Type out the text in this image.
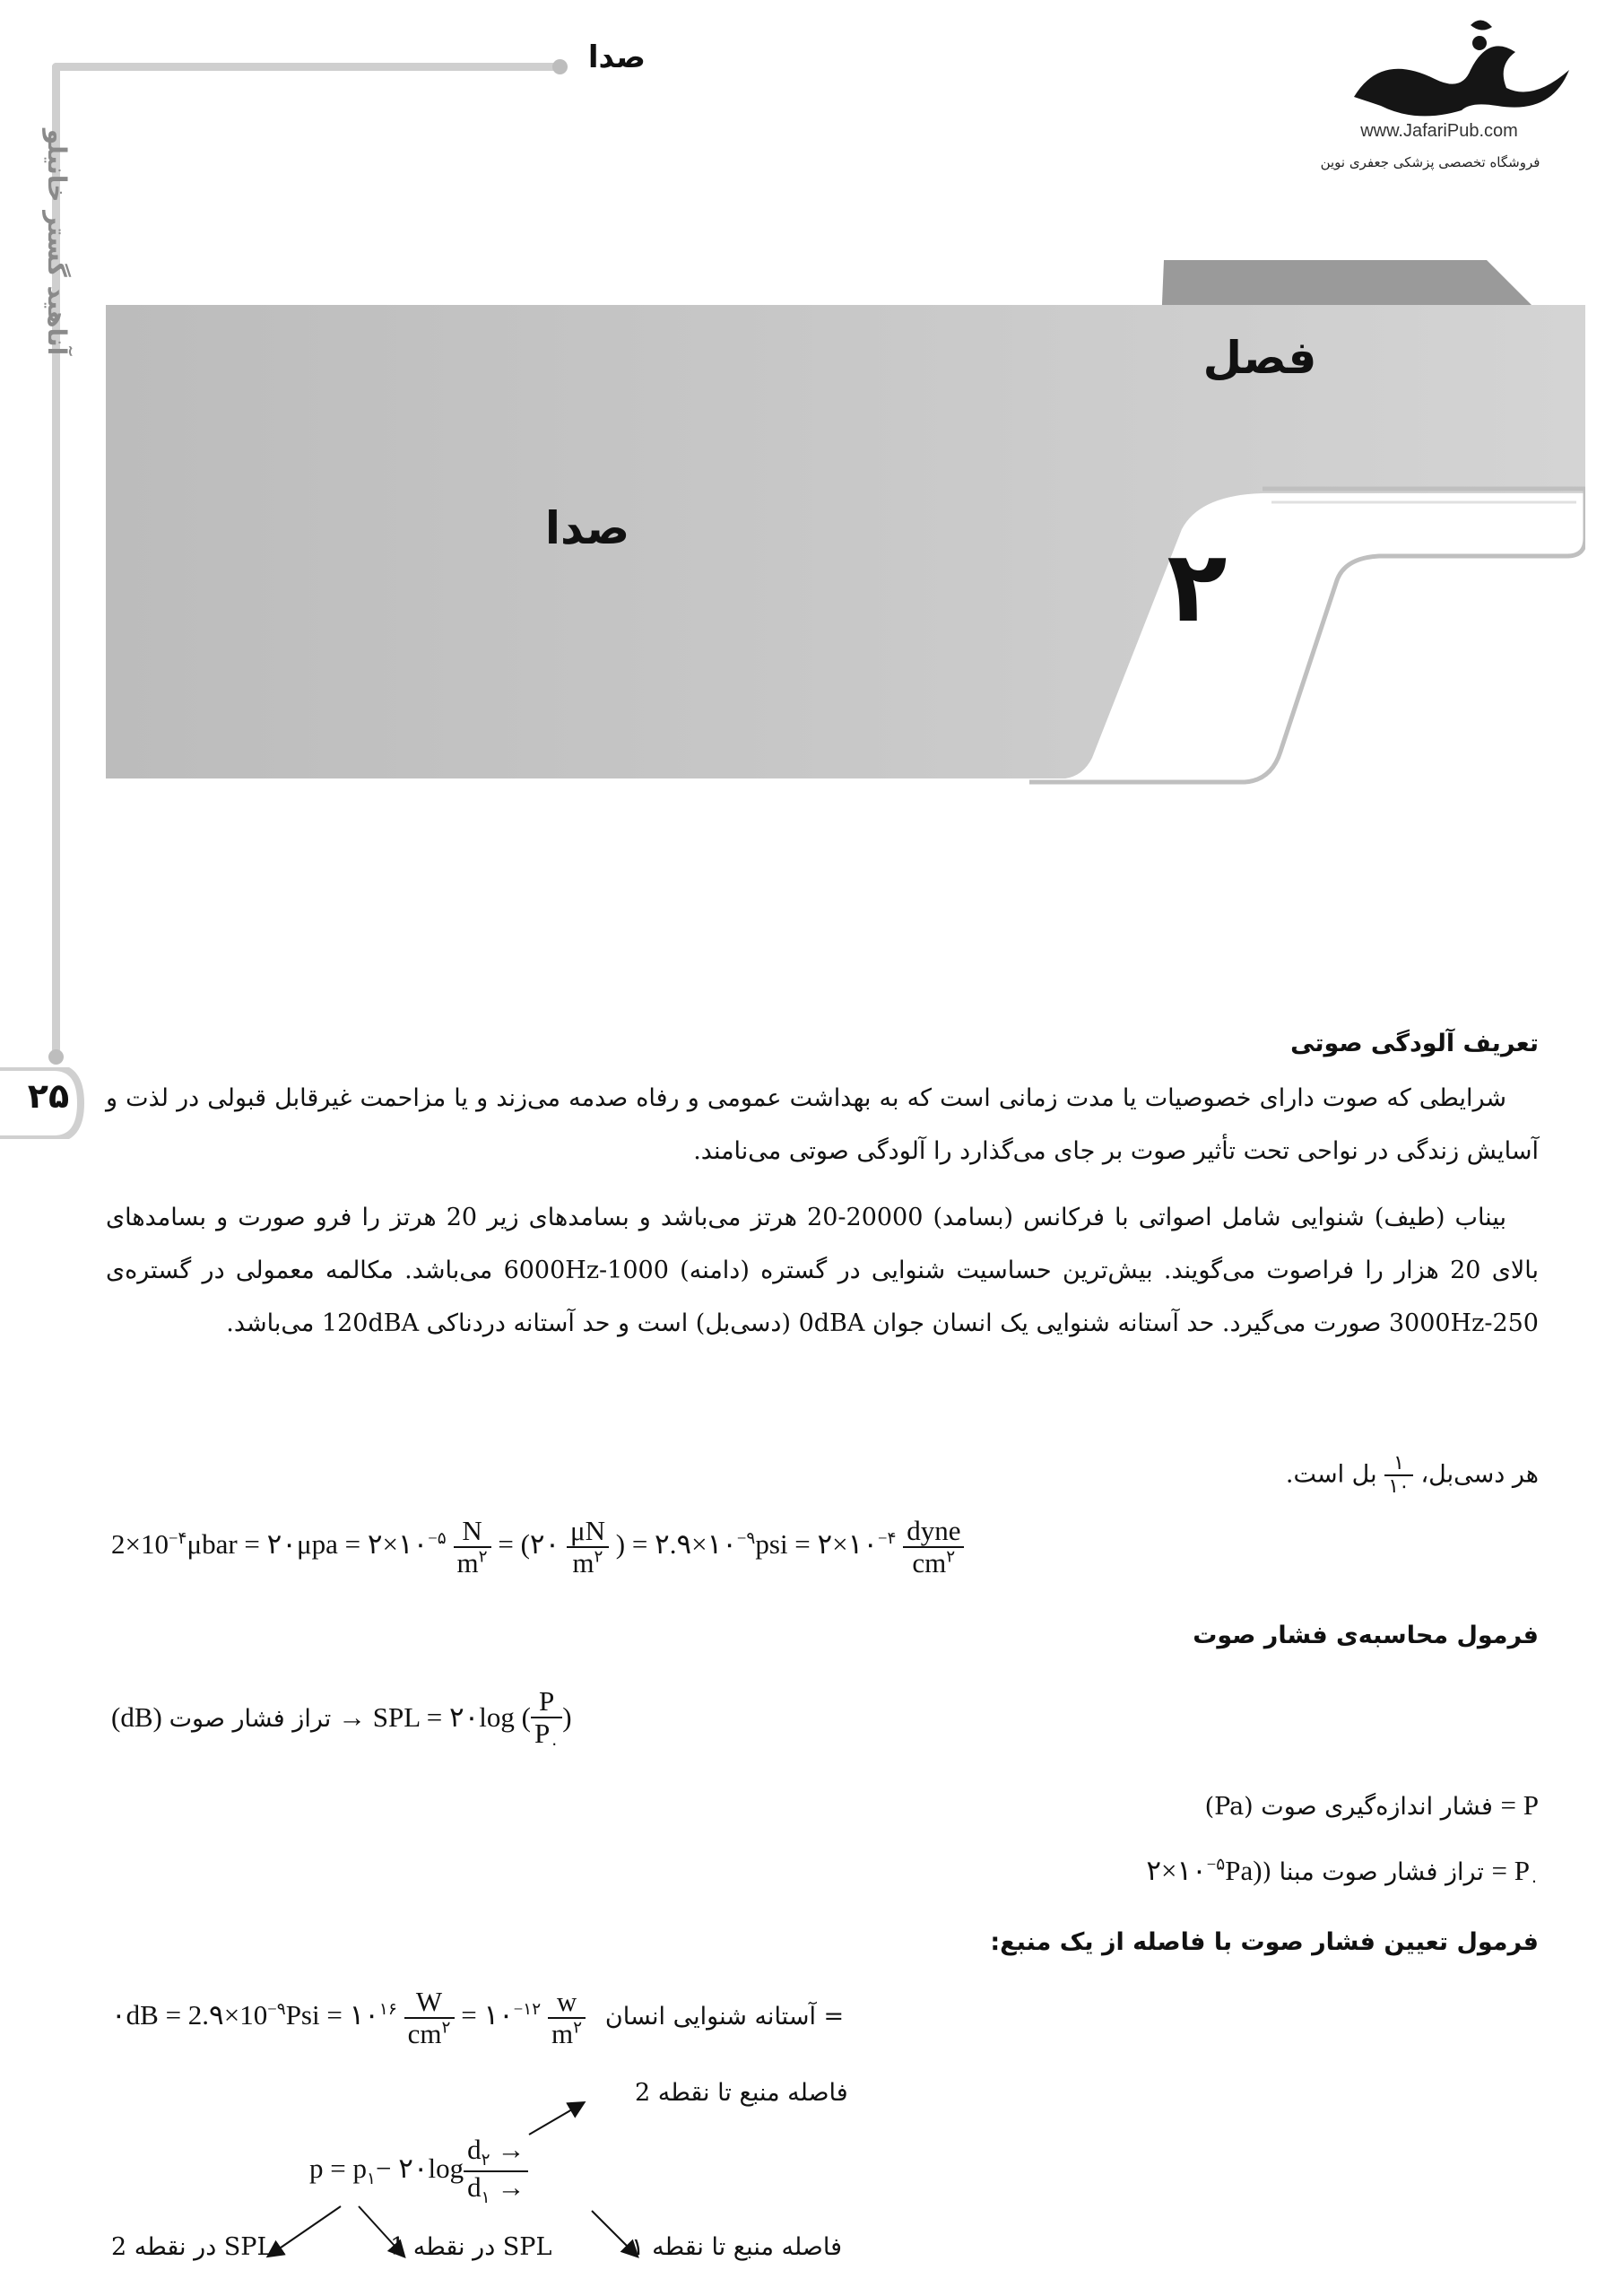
آناهید گستر خانیلو
صدا
www.JafariPub.com
فروشگاه تخصصی پزشکی جعفری نوین
فصل
۲
صدا
۲۵
تعریف آلودگی صوتی
شرایطی که صوت دارای خصوصیات یا مدت زمانی است که به بهداشت عمومی و رفاه صدمه می‌زند و یا مزاحمت غیرقابل قبولی در لذت و آسایش زندگی در نواحی تحت تأثیر صوت بر جای می‌گذارد را آلودگی صوتی می‌نامند.
بیناب (طیف) شنوایی شامل اصواتی با فرکانس (بسامد) 20000-20 هرتز می‌باشد و بسامدهای زیر 20 هرتز را فرو صورت و بسامدهای بالای 20 هزار را فراصوت می‌گویند. بیش‌ترین حساسیت شنوایی در گستره (دامنه) 1000-6000Hz می‌باشد. مکالمه معمولی در گستره‌ی 250-3000Hz صورت می‌گیرد. حد آستانه شنوایی یک انسان جوان 0dBA (دسی‌بل) است و حد آستانه دردناکی 120dBA می‌باشد.
هر دسی‌بل،
$\frac{۱}{۱۰}$
بل است.
$2\times 10^{-۴}\mu bar$ = ۲۰μpa = $۲\times ۱۰^{-۵} \frac{N}{m^۲}$ = (۲۰ $\frac{\mu N}{m^۲}$ ) = $۲.۹\times ۱۰^{-۹}psi$ = $۲\times ۱۰^{-۴} \frac{\text{dyne}}{cm^۲}$
فرمول محاسبه‌ی فشار صوت
(dB) تراز فشار صوت → SPL = ۲۰log ( $\frac{P}{P_۰}$ )
P = فشار اندازه‌گیری صوت (Pa)
$P_۰$ = تراز فشار صوت مبنا $(۲\times ۱۰^{-۵}Pa)$
فرمول تعیین فشار صوت با فاصله از یک منبع:
۰dB = $2.۹\times 10^{-۹}Psi$ = $۱۰^{۱۶} \frac{W}{cm^۲}$ = $۱۰^{-۱۲} \frac{w}{m^۲}$ آستانه شنوایی انسان =
فاصله منبع تا نقطه 2
$p = p_۱-$ ۲۰log $\frac{d_۲ \to}{d_۱ \to}$
فاصله منبع تا نقطه ۱
SPL در نقطه 1
SPL در نقطه 2
